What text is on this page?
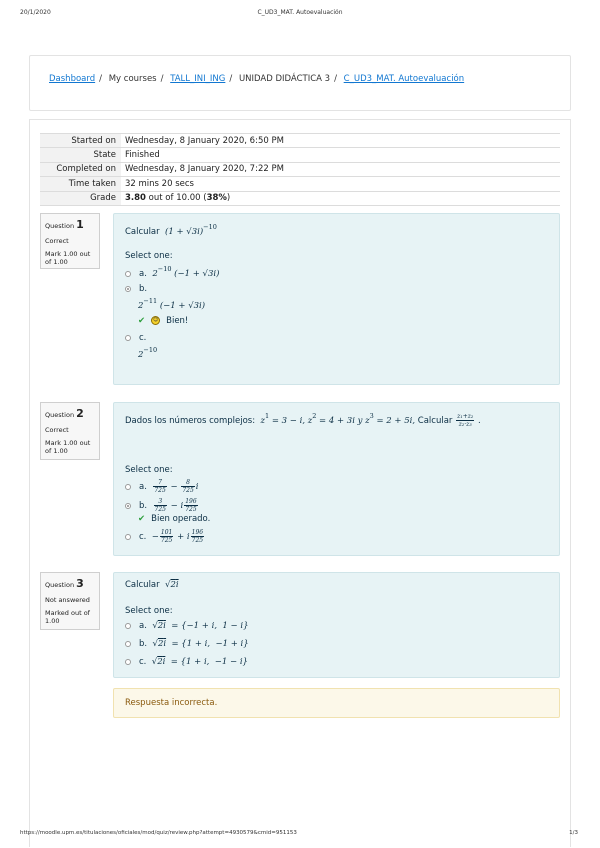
20/1/2020	C_UD3_MAT. Autoevaluación
Dashboard / My courses / TALL_INI_ING / UNIDAD DIDÁCTICA 3 / C_UD3_MAT. Autoevaluación
Started on	Wednesday, 8 January 2020, 6:50 PM
State	Finished
Completed on	Wednesday, 8 January 2020, 7:22 PM
Time taken	32 mins 20 secs
Grade	3.80 out of 10.00 (38%)
Question 1
Correct
Mark 1.00 out of 1.00
Calcular  $(1 + √3i)^{-10}$
Select one:
a.  $2^{-10}$ (−1 + √3i)
b.
$2^{-11}$ (−1 + √3i)
✔ ☺ Bien!
c.
$2^{-10}$
Question 2
Correct
Mark 1.00 out of 1.00
Dados los números complejos: $z^1 = 3 - i$, $z^2 = 4 + 3i$ y $z^3 = 2 + 5i$, Calcular $\frac{\text{z₁+z₂}}{\text{z₂·z₃}}$ .
Select one:
a. $\frac{7}{725} - \frac{8}{725}$ i
b. $\frac{3}{725} - i \frac{196}{725}$
✔ Bien operado.
c.  − $\frac{101}{725} + i \frac{196}{725}$
Question 3
Not answered
Marked out of 1.00
Calcular  √2i
Select one:
a.  √2i  = {−1 + i,  1 − i}
b.  √2i  = {1 + i,  −1 + i}
c.  √2i  = {1 + i,  −1 − i}
Respuesta incorrecta.
https://moodle.upm.es/titulaciones/oficiales/mod/quiz/review.php?attempt=4930579&cmid=951153	1/3
